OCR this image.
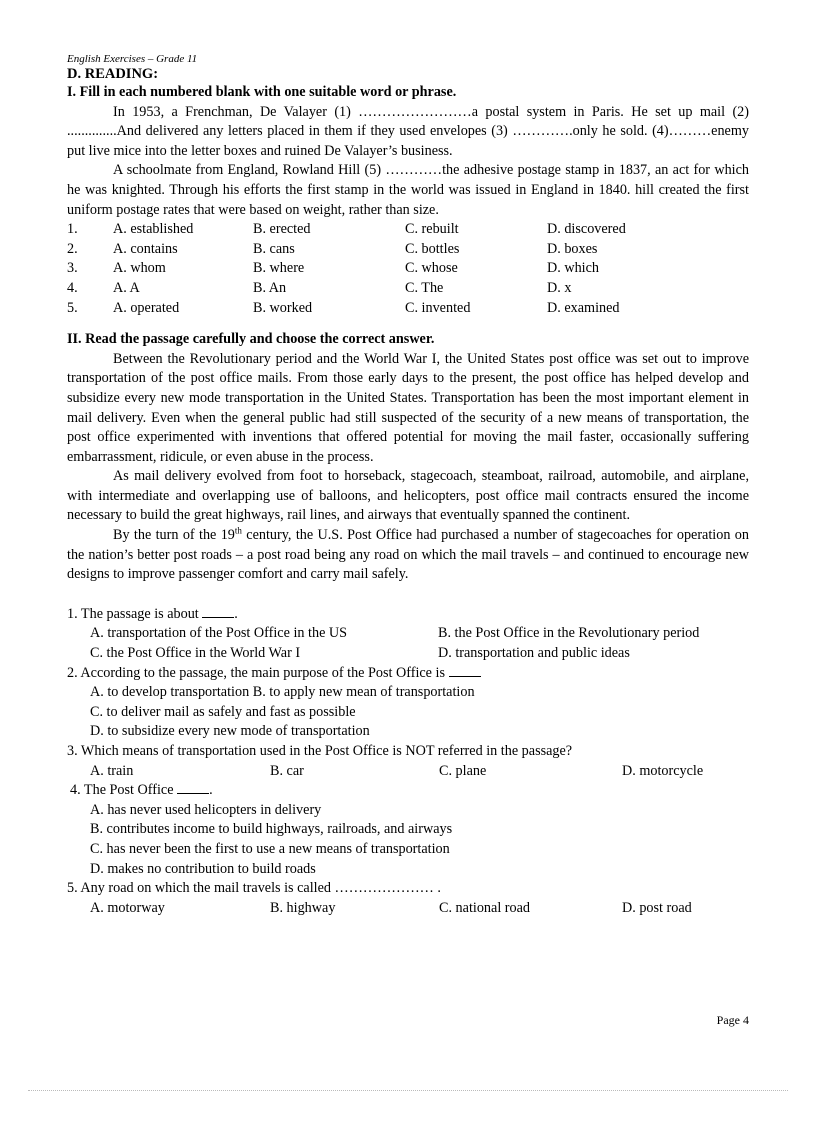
English Exercises – Grade 11
D. READING:
I. Fill in each numbered blank with one suitable word or phrase.
In 1953, a Frenchman, De Valayer (1) ……………………a postal system in Paris. He set up mail (2) ..............And delivered any letters placed in them if they used envelopes (3) ………….only he sold. (4)………enemy put live mice into the letter boxes and ruined De Valayer’s business.
A schoolmate from England, Rowland Hill (5) …………the adhesive postage stamp in 1837, an act for which he was knighted. Through his efforts the first stamp in the world was issued in England in 1840. hill created the first uniform postage rates that were based on weight, rather than size.
1.	A. established	B. erected	C. rebuilt	D. discovered
2.	A. contains	B. cans	C. bottles	D. boxes
3.	A. whom	B. where	C. whose	D. which
4.	A. A	B. An	C. The	D. x
5.	A. operated	B. worked	C. invented	D. examined
II. Read the passage carefully and choose the correct answer.
Between the Revolutionary period and the World War I, the United States post office was set out to improve transportation of the post office mails. From those early days to the present, the post office has helped develop and subsidize every new mode transportation in the United States. Transportation has been the most important element in mail delivery. Even when the general public had still suspected of the security of a new means of transportation, the post office experimented with inventions that offered potential for moving the mail faster, occasionally suffering embarrassment, ridicule, or even abuse in the process.
As mail delivery evolved from foot to horseback, stagecoach, steamboat, railroad, automobile, and airplane, with intermediate and overlapping use of balloons, and helicopters, post office mail contracts ensured the income necessary to build the great highways, rail lines, and airways that eventually spanned the continent.
By the turn of the 19th century, the U.S. Post Office had purchased a number of stagecoaches for operation on the nation’s better post roads – a post road being any road on which the mail travels – and continued to encourage new designs to improve passenger comfort and carry mail safely.
1. The passage is about	.
A. transportation of the Post Office in the US	B. the Post Office in the Revolutionary period
C. the Post Office in the World War I	D. transportation and public ideas
2. According to the passage, the main purpose of the Post Office is
A. to develop transportation B. to apply new mean of transportation
C. to deliver mail as safely and fast as possible
D. to subsidize every new mode of transportation
3. Which means of transportation used in the Post Office is NOT referred in the passage?
A. train	B. car	C. plane	D. motorcycle
4. The Post Office	.
A. has never used helicopters in delivery
B. contributes income to build highways, railroads, and airways
C. has never been the first to use a new means of transportation
D. makes no contribution to build roads
5. Any road on which the mail travels is called ………………… .
A. motorway	B. highway	C. national road	D. post road
Page 4
